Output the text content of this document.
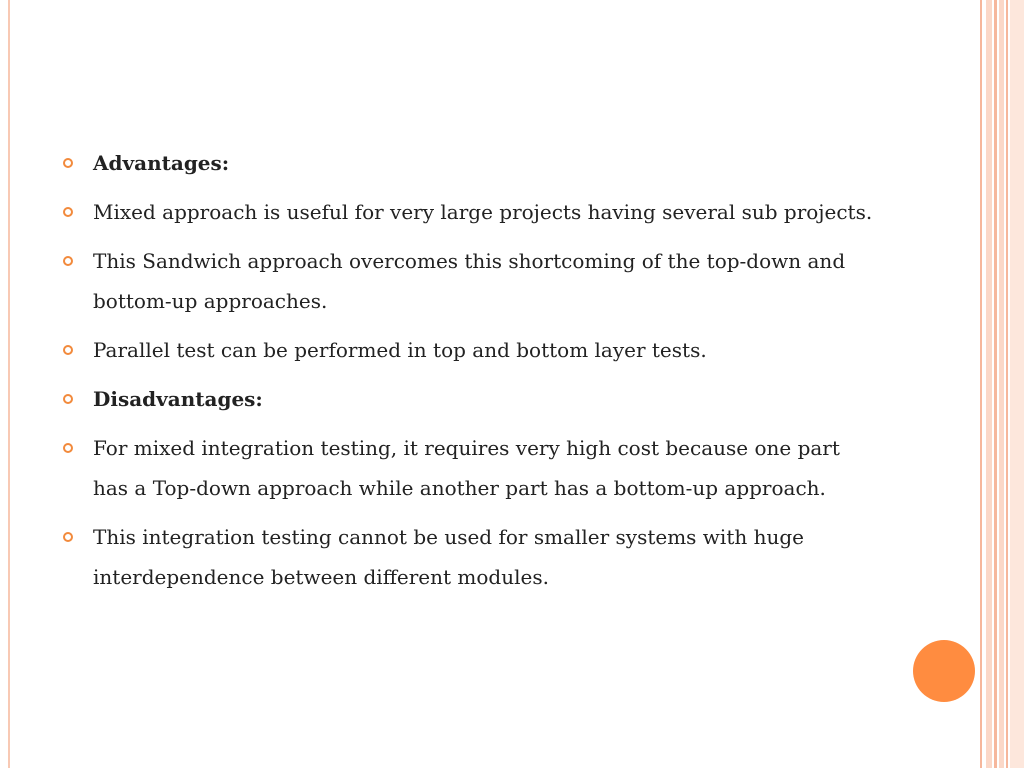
Advantages:
Mixed approach is useful for very large projects having several sub projects.
This Sandwich approach overcomes this shortcoming of the top-down and bottom-up approaches.
Parallel test can be performed in top and bottom layer tests.
Disadvantages:
For mixed integration testing, it requires very high cost because one part has a Top-down approach while another part has a bottom-up approach.
This integration testing cannot be used for smaller systems with huge interdependence between different modules.
